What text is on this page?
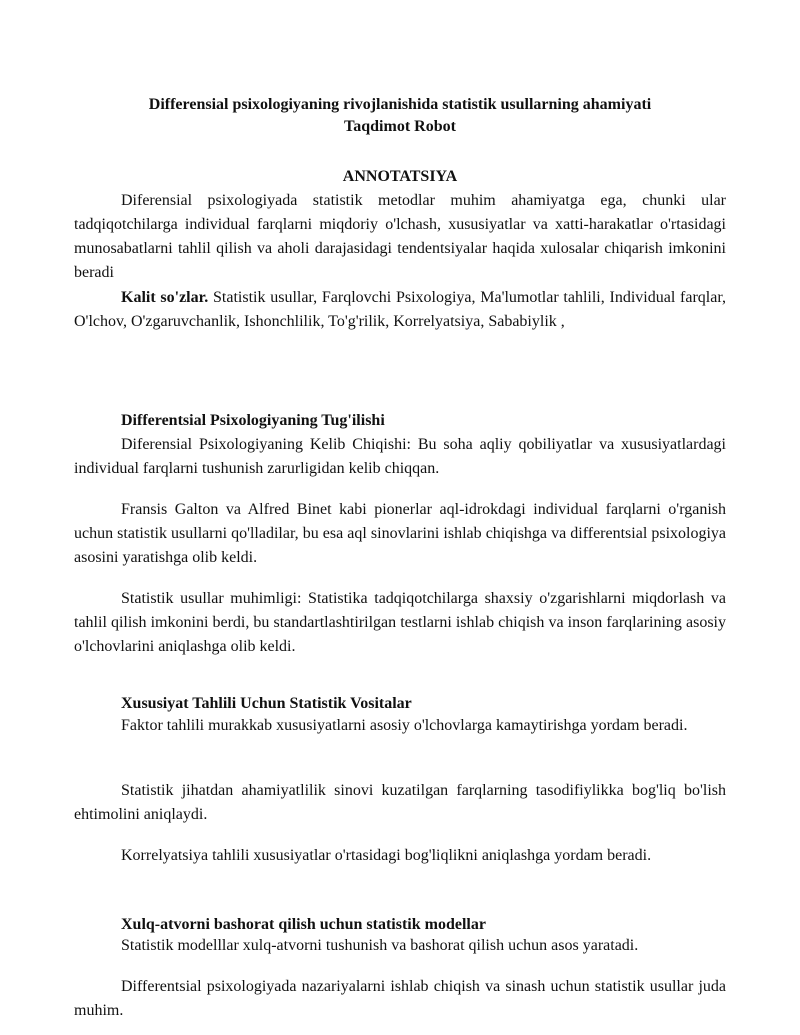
Differensial psixologiyaning rivojlanishida statistik usullarning ahamiyati

Taqdimot Robot

ANNOTATSIYA

Diferensial psixologiyada statistik metodlar muhim ahamiyatga ega, chunki ular tadqiqotchilarga individual farqlarni miqdoriy o'lchash, xususiyatlar va xatti-harakatlar o'rtasidagi munosabatlarni tahlil qilish va aholi darajasidagi tendentsiyalar haqida xulosalar chiqarish imkonini beradi

Kalit so'zlar. Statistik usullar, Farqlovchi Psixologiya, Ma'lumotlar tahlili, Individual farqlar, O'lchov, O'zgaruvchanlik, Ishonchlilik, To'g'rilik, Korrelyatsiya, Sababiylik ,

Differentsial Psixologiyaning Tug'ilishi

Diferensial Psixologiyaning Kelib Chiqishi: Bu soha aqliy qobiliyatlar va xususiyatlardagi individual farqlarni tushunish zarurligidan kelib chiqqan.

Fransis Galton va Alfred Binet kabi pionerlar aql-idrokdagi individual farqlarni o'rganish uchun statistik usullarni qo'lladilar, bu esa aql sinovlarini ishlab chiqishga va differentsial psixologiya asosini yaratishga olib keldi.

Statistik usullar muhimligi: Statistika tadqiqotchilarga shaxsiy o'zgarishlarni miqdorlash va tahlil qilish imkonini berdi, bu standartlashtirilgan testlarni ishlab chiqish va inson farqlarining asosiy o'lchovlarini aniqlashga olib keldi.

Xususiyat Tahlili Uchun Statistik Vositalar

Faktor tahlili murakkab xususiyatlarni asosiy o'lchovlarga kamaytirishga yordam beradi.

Statistik jihatdan ahamiyatlilik sinovi kuzatilgan farqlarning tasodifiylikka bog'liq bo'lish ehtimolini aniqlaydi.

Korrelyatsiya tahlili xususiyatlar o'rtasidagi bog'liqlikni aniqlashga yordam beradi.

Xulq-atvorni bashorat qilish uchun statistik modellar

Statistik modelllar xulq-atvorni tushunish va bashorat qilish uchun asos yaratadi.

Differentsial psixologiyada nazariyalarni ishlab chiqish va sinash uchun statistik usullar juda muhim.
